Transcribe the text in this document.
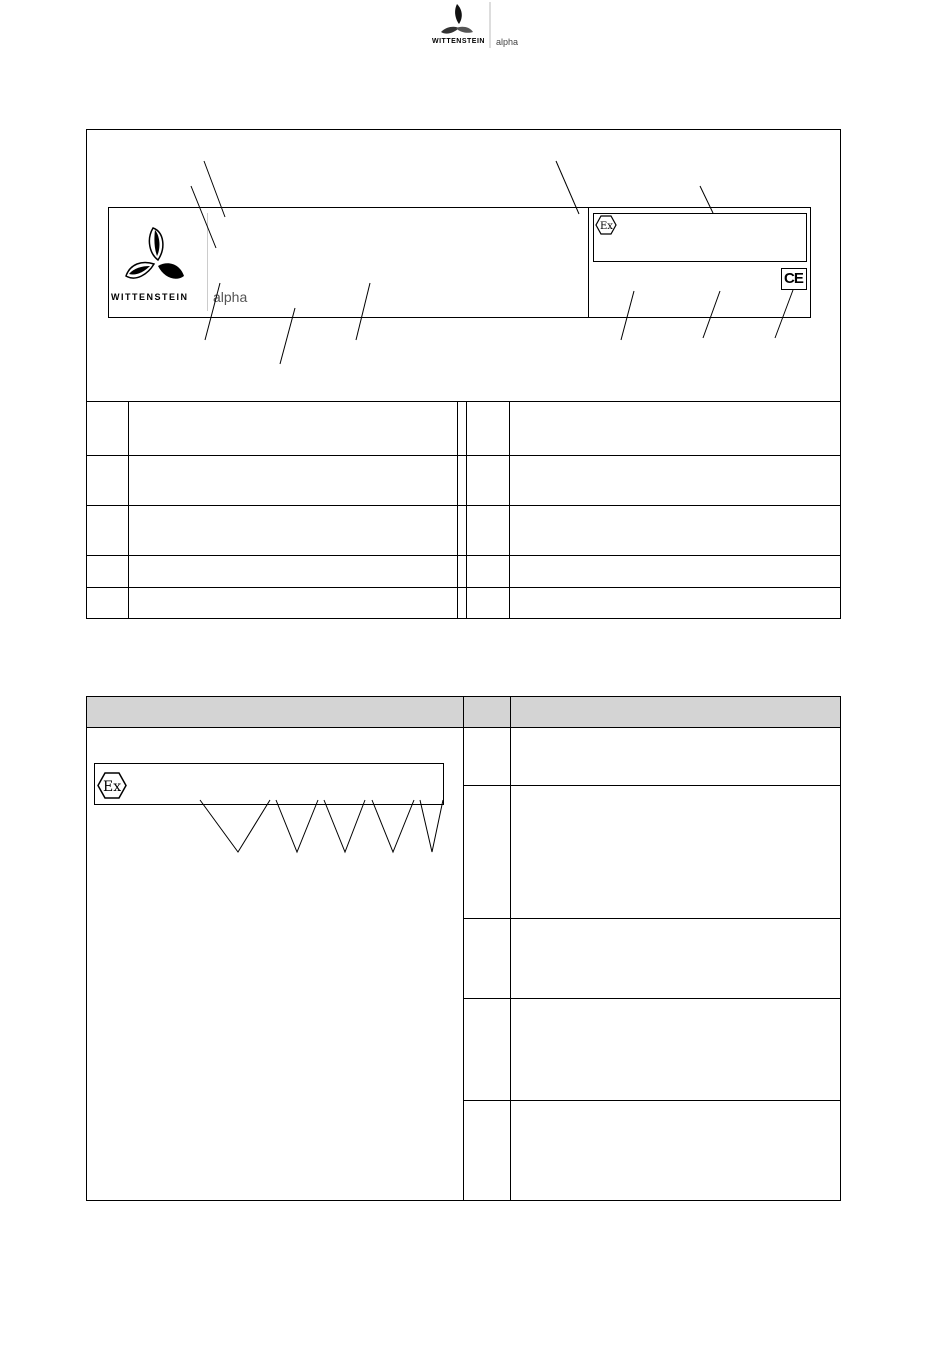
WITTENSTEIN alpha
WITTENSTEIN alpha
Ex
CE

Ex
